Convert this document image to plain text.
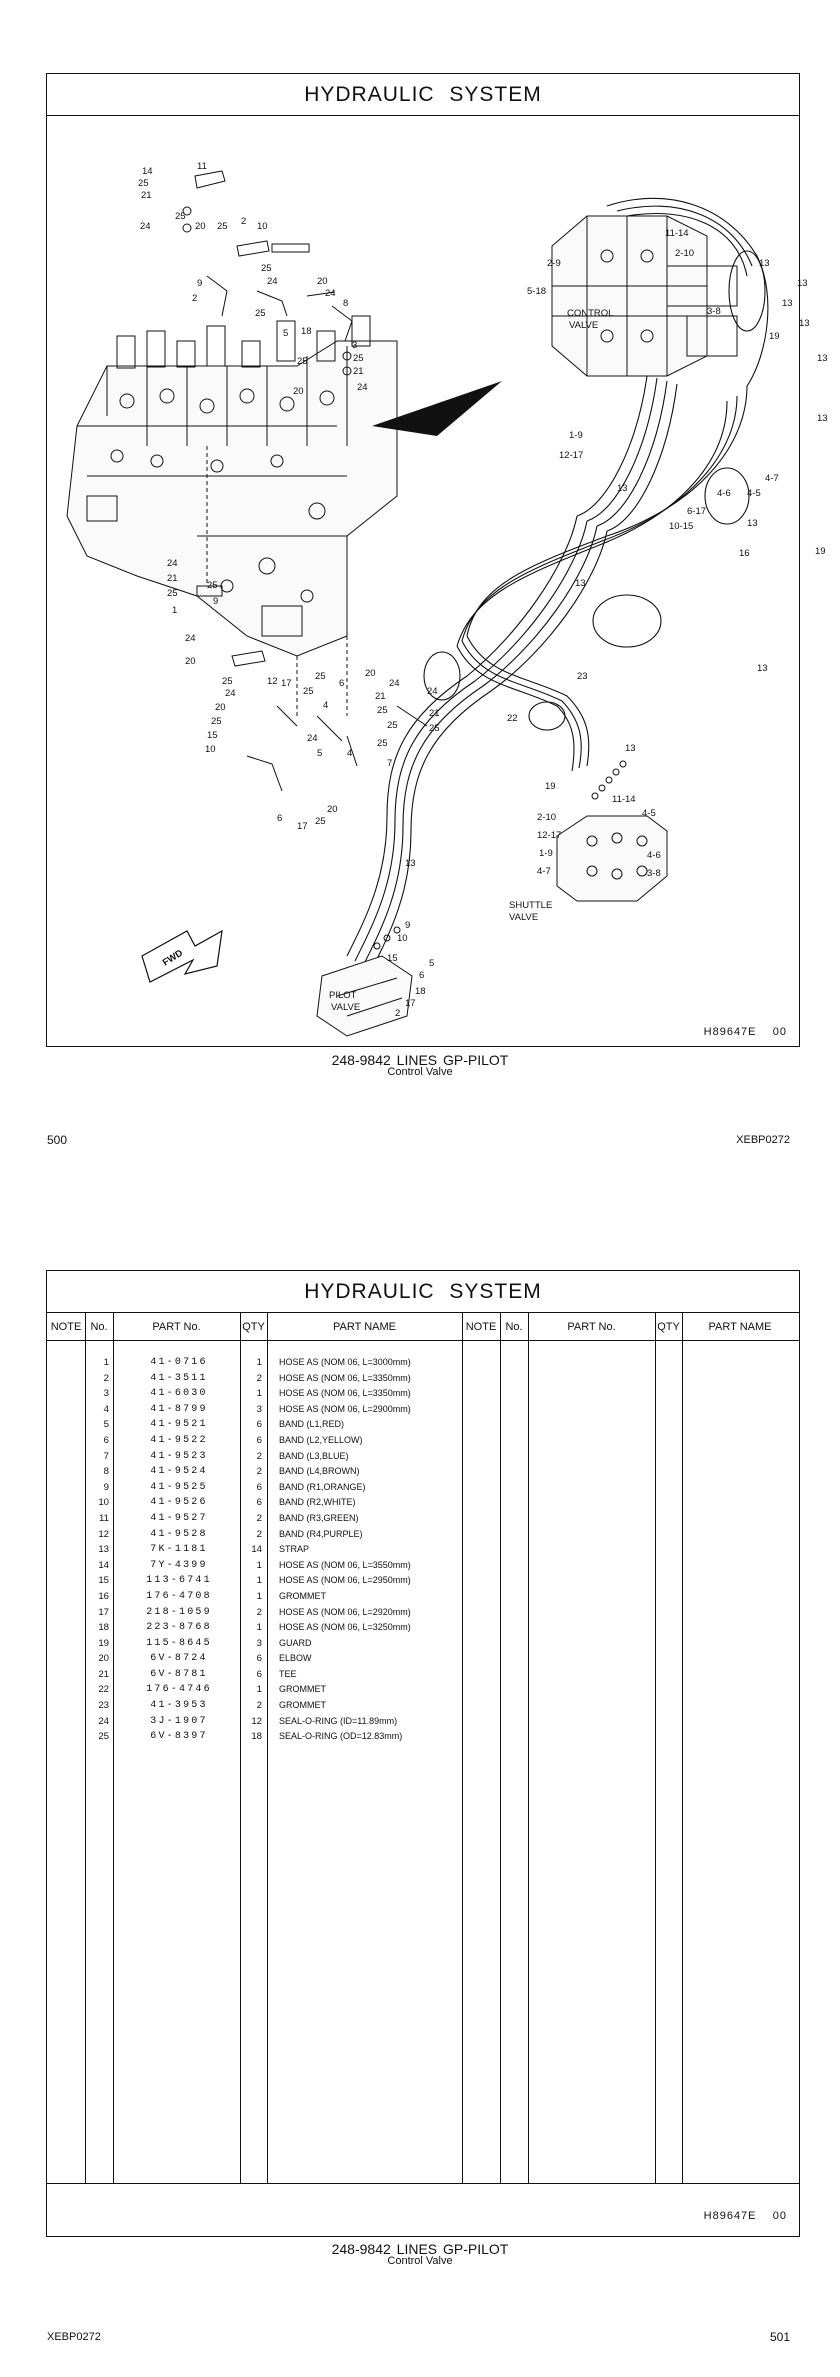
HYDRAULIC SYSTEM
14	11
25
21
24
25
20 25 2 10
9
2
25
24	20
24
8
25
5 18
3
25
21
24
25
20
24
21
25
1
25
9
24
20
25
24
20
25
15
10
12 17
25
6
20
24
25	21
25
4
24
5	4
25
25
24
21
25
7
6
17 25
20
11-14
2-10
2-9
5-18
13
13
13
13
3-8
19
13
13
1-9
12-17
13
4-7
4-5
4-6
6-17
10-15	13
19
16
13
13
23
22
13
11-14
4-5
19
2-10
12-17
1-9
4-7
4-6
3-8
13
9
10
15	5
6
18
17
2
CONTROL
VALVE
SHUTTLE
VALVE
PILOT
VALVE
FWD
H89647E 00
248-9842 LINES GP-PILOT
Control Valve
500	XEBP0272
HYDRAULIC SYSTEM
NOTE No.	PART No.	QTY	PART NAME	NOTE No.	PART No.	QTY	PART NAME
1	41-0716	1 HOSE AS (NOM 06, L=3000mm)
2	41-3511	2 HOSE AS (NOM 06, L=3350mm)
3	41-6030	1 HOSE AS (NOM 06, L=3350mm)
4	41-8799	3 HOSE AS (NOM 06, L=2900mm)
5	41-9521	6 BAND (L1,RED)
6	41-9522	6 BAND (L2,YELLOW)
7	41-9523	2 BAND (L3,BLUE)
8	41-9524	2 BAND (L4,BROWN)
9	41-9525	6 BAND (R1,ORANGE)
10	41-9526	6 BAND (R2,WHITE)
11	41-9527	2 BAND (R3,GREEN)
12	41-9528	2 BAND (R4,PURPLE)
13	7K-1181	14 STRAP
14	7Y-4399	1 HOSE AS (NOM 06, L=3550mm)
15	113-6741	1 HOSE AS (NOM 06, L=2950mm)
16	176-4708	1 GROMMET
17	218-1059	2 HOSE AS (NOM 06, L=2920mm)
18	223-8768	1 HOSE AS (NOM 06, L=3250mm)
19	115-8645	3 GUARD
20	6V-8724	6 ELBOW
21	6V-8781	6 TEE
22	176-4746	1 GROMMET
23	41-3953	2 GROMMET
24	3J-1907	12 SEAL-O-RING (ID=11.89mm)
25	6V-8397	18 SEAL-O-RING (OD=12.83mm)
H89647E 00
248-9842 LINES GP-PILOT
Control Valve
XEBP0272	501
